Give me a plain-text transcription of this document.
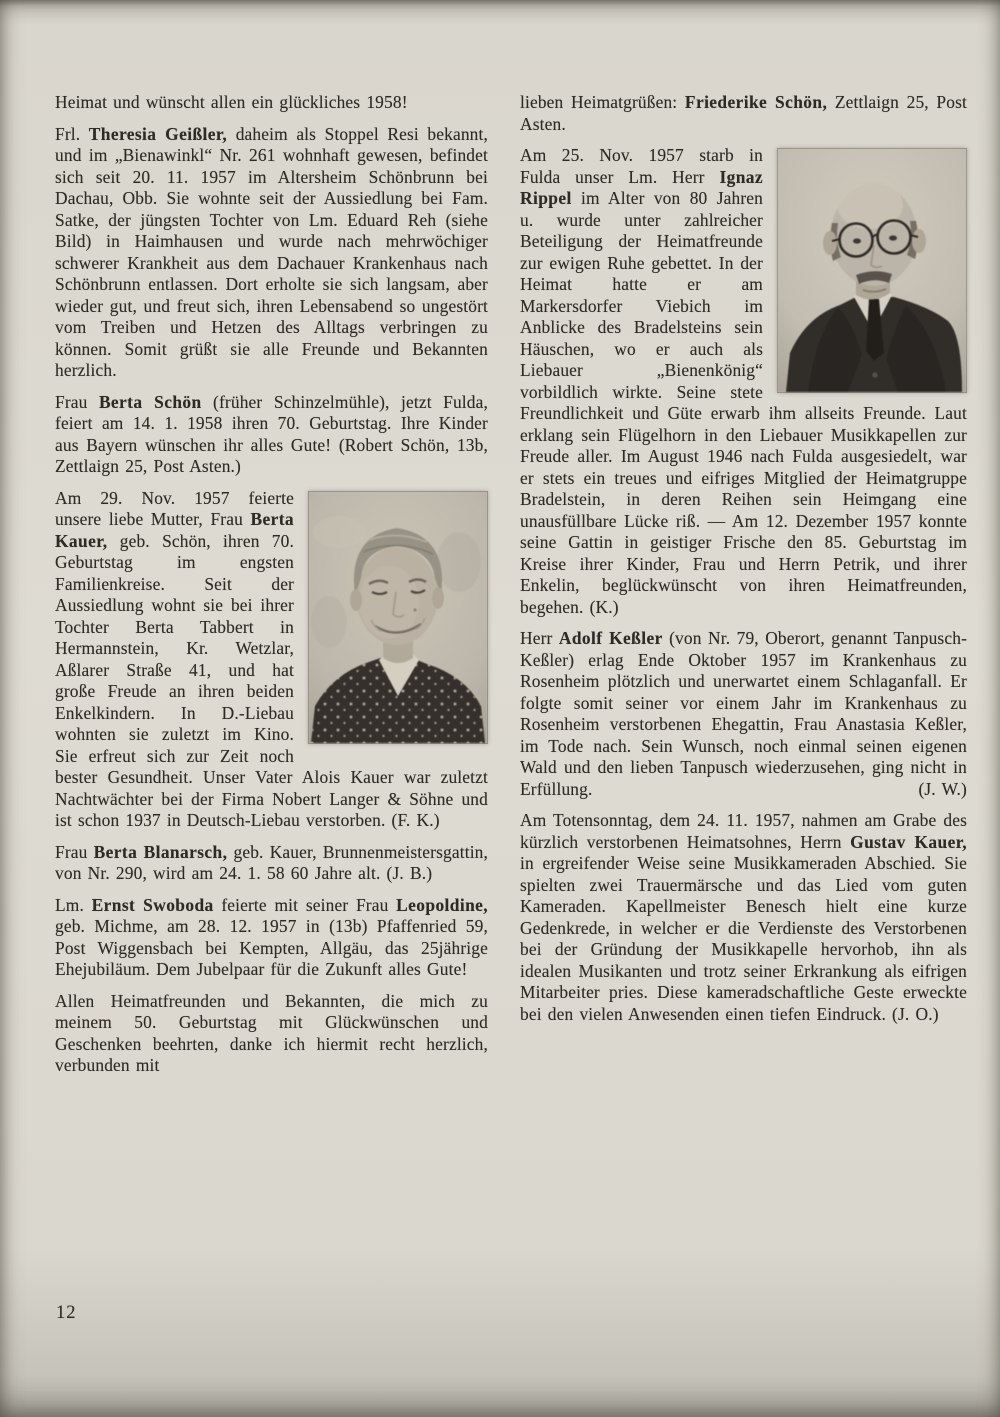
Heimat und wünscht allen ein glückliches 1958!

Frl. Theresia Geißler, daheim als Stoppel Resi bekannt, und im „Bienawinkl“ Nr. 261 wohnhaft gewesen, befindet sich seit 20. 11. 1957 im Altersheim Schönbrunn bei Dachau, Obb. Sie wohnte seit der Aussiedlung bei Fam. Satke, der jüngsten Tochter von Lm. Eduard Reh (siehe Bild) in Haimhausen und wurde nach mehrwöchiger schwerer Krankheit aus dem Dachauer Krankenhaus nach Schönbrunn entlassen. Dort erholte sie sich langsam, aber wieder gut, und freut sich, ihren Lebensabend so ungestört vom Treiben und Hetzen des Alltags verbringen zu können. Somit grüßt sie alle Freunde und Bekannten herzlich.

Frau Berta Schön (früher Schinzelmühle), jetzt Fulda, feiert am 14. 1. 1958 ihren 70. Geburtstag. Ihre Kinder aus Bayern wünschen ihr alles Gute! (Robert Schön, 13b, Zettlaign 25, Post Asten.)

Am 29. Nov. 1957 feierte unsere liebe Mutter, Frau Berta Kauer, geb. Schön, ihren 70. Geburtstag im engsten Familienkreise. Seit der Aussiedlung wohnt sie bei ihrer Tochter Berta Tabbert in Hermannstein, Kr. Wetzlar, Aßlarer Straße 41, und hat große Freude an ihren beiden Enkelkindern. In D.-Liebau wohnten sie zuletzt im Kino. Sie erfreut sich zur Zeit noch bester Gesundheit. Unser Vater Alois Kauer war zuletzt Nachtwächter bei der Firma Nobert Langer & Söhne und ist schon 1937 in Deutsch-Liebau verstorben. (F. K.)

Frau Berta Blanarsch, geb. Kauer, Brunnenmeistersgattin, von Nr. 290, wird am 24. 1. 58 60 Jahre alt. (J. B.)

Lm. Ernst Swoboda feierte mit seiner Frau Leopoldine, geb. Michme, am 28. 12. 1957 in (13b) Pfaffenried 59, Post Wiggensbach bei Kempten, Allgäu, das 25jährige Ehejubiläum. Dem Jubelpaar für die Zukunft alles Gute!

Allen Heimatfreunden und Bekannten, die mich zu meinem 50. Geburtstag mit Glückwünschen und Geschenken beehrten, danke ich hiermit recht herzlich, verbunden mit

lieben Heimatgrüßen: Friederike Schön, Zettlaign 25, Post Asten.

Am 25. Nov. 1957 starb in Fulda unser Lm. Herr Ignaz Rippel im Alter von 80 Jahren u. wurde unter zahlreicher Beteiligung der Heimatfreunde zur ewigen Ruhe gebettet. In der Heimat hatte er am Markersdorfer Viebich im Anblicke des Bradelsteins sein Häuschen, wo er auch als Liebauer „Bienenkönig“ vorbildlich wirkte. Seine stete Freundlichkeit und Güte erwarb ihm allseits Freunde. Laut erklang sein Flügelhorn in den Liebauer Musikkapellen zur Freude aller. Im August 1946 nach Fulda ausgesiedelt, war er stets ein treues und eifriges Mitglied der Heimatgruppe Bradelstein, in deren Reihen sein Heimgang eine unausfüllbare Lücke riß. — Am 12. Dezember 1957 konnte seine Gattin in geistiger Frische den 85. Geburtstag im Kreise ihrer Kinder, Frau und Herrn Petrik, und ihrer Enkelin, beglückwünscht von ihren Heimatfreunden, begehen. (K.)

Herr Adolf Keßler (von Nr. 79, Oberort, genannt Tanpusch-Keßler) erlag Ende Oktober 1957 im Krankenhaus zu Rosenheim plötzlich und unerwartet einem Schlaganfall. Er folgte somit seiner vor einem Jahr im Krankenhaus zu Rosenheim verstorbenen Ehegattin, Frau Anastasia Keßler, im Tode nach. Sein Wunsch, noch einmal seinen eigenen Wald und den lieben Tanpusch wiederzusehen, ging nicht in Erfüllung.	(J. W.)

Am Totensonntag, dem 24. 11. 1957, nahmen am Grabe des kürzlich verstorbenen Heimatsohnes, Herrn Gustav Kauer, in ergreifender Weise seine Musikkameraden Abschied. Sie spielten zwei Trauermärsche und das Lied vom guten Kameraden. Kapellmeister Benesch hielt eine kurze Gedenkrede, in welcher er die Verdienste des Verstorbenen bei der Gründung der Musikkapelle hervorhob, ihn als idealen Musikanten und trotz seiner Erkrankung als eifrigen Mitarbeiter pries. Diese kameradschaftliche Geste erweckte bei den vielen Anwesenden einen tiefen Eindruck. (J. O.)

12
